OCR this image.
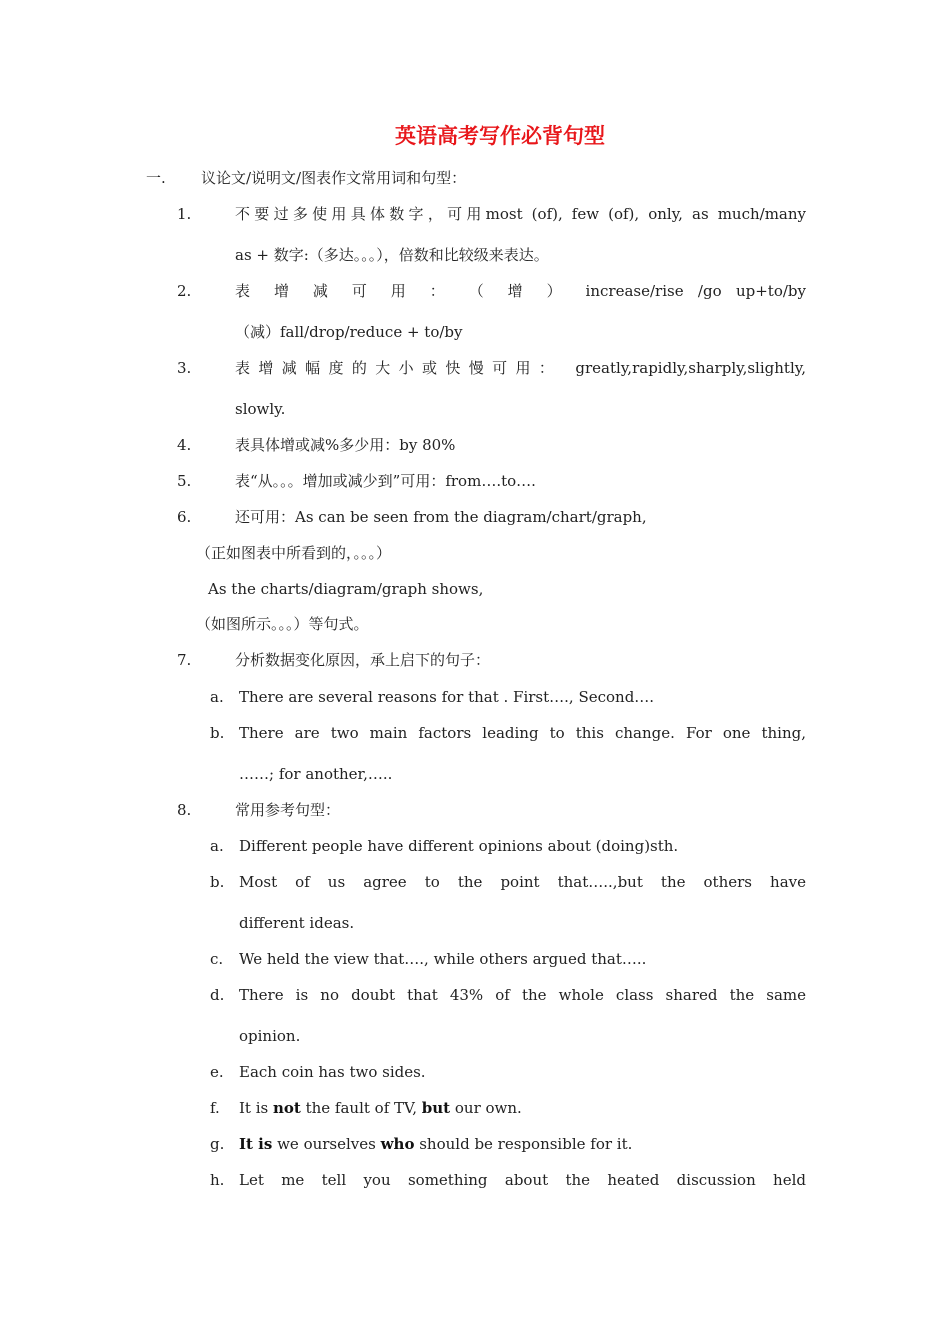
英语高考写作必背句型
一. 议论文/说明文/图表作文常用词和句型：
1.	不要过多使用具体数字，可用most (of), few (of), only, as much/many
as + 数字:（多达。。。），倍数和比较级来表达。
2.	表 增 减 可 用 ： （ 增 ） increase/rise /go up+to/by
（减）fall/drop/reduce + to/by
3.	表增减幅度的大小或快慢可用： greatly,rapidly,sharply,slightly,
slowly.
4.	表具体增或减%多少用：by 80%
5.	表“从。。。增加或减少到”可用：from….to….
6.	还可用：As can be seen from the diagram/chart/graph,
（正如图表中所看到的，。。。）
As the charts/diagram/graph shows,
（如图所示。。。）等句式。
7.	分析数据变化原因，承上启下的句子：
a. There are several reasons for that . First…., Second….
b. There are two main factors leading to this change. For one thing,
……; for another,…..
8.	常用参考句型：
a. Different people have different opinions about (doing)sth.
b. Most of us agree to the point that…..,but the others have
different ideas.
c. We held the view that…., while others argued that…..
d. There is no doubt that 43% of the whole class shared the same
opinion.
e. Each coin has two sides.
f. It is not the fault of TV, but our own.
g. It is we ourselves who should be responsible for it.
h. Let me tell you something about the heated discussion held
